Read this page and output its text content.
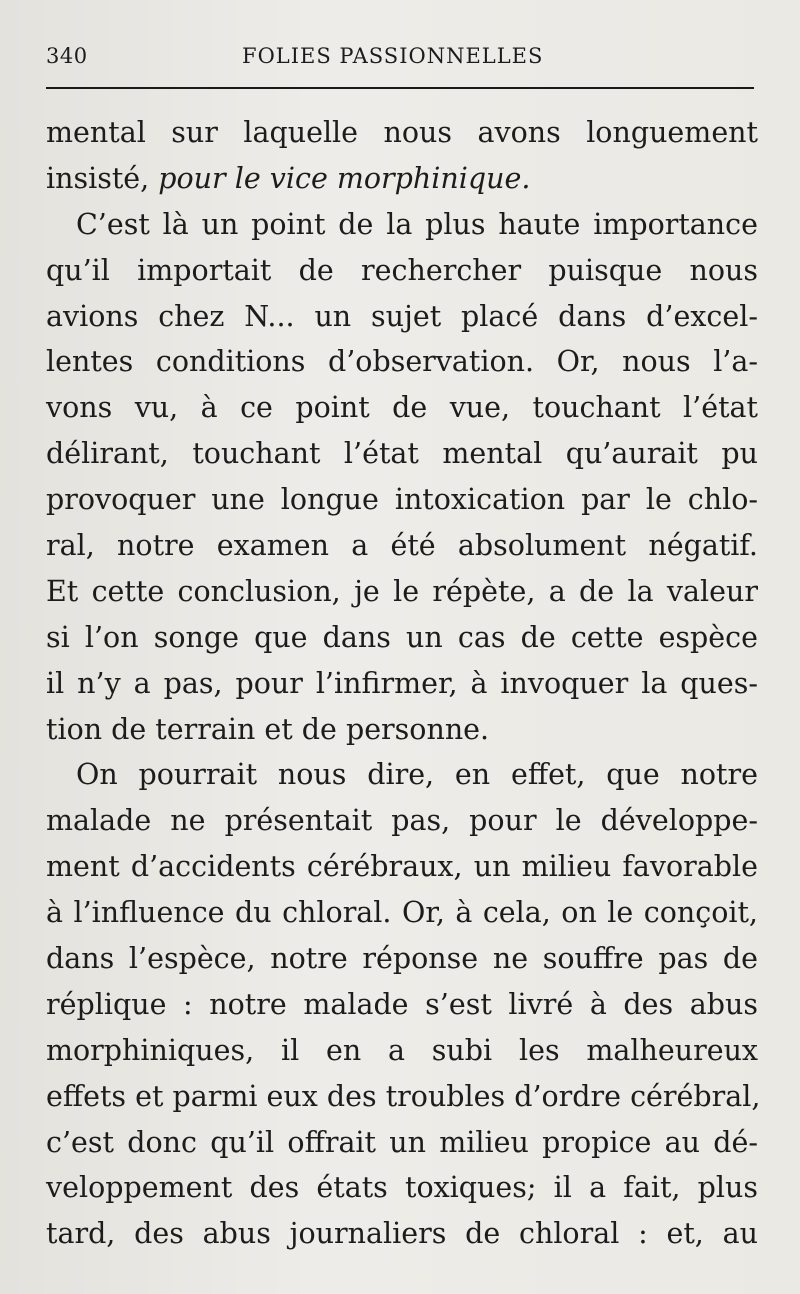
340	FOLIES PASSIONNELLES
mental sur laquelle nous avons longuement
insisté, pour le vice morphinique.
C’est là un point de la plus haute importance
qu’il importait de rechercher puisque nous
avions chez N... un sujet placé dans d’excel-
lentes conditions d’observation. Or, nous l’a-
vons vu, à ce point de vue, touchant l’état
délirant, touchant l’état mental qu’aurait pu
provoquer une longue intoxication par le chlo-
ral, notre examen a été absolument négatif.
Et cette conclusion, je le répète, a de la valeur
si l’on songe que dans un cas de cette espèce
il n’y a pas, pour l’infirmer, à invoquer la ques-
tion de terrain et de personne.
On pourrait nous dire, en effet, que notre
malade ne présentait pas, pour le développe-
ment d’accidents cérébraux, un milieu favorable
à l’influence du chloral. Or, à cela, on le conçoit,
dans l’espèce, notre réponse ne souffre pas de
réplique : notre malade s’est livré à des abus
morphiniques, il en a subi les malheureux
effets et parmi eux des troubles d’ordre cérébral,
c’est donc qu’il offrait un milieu propice au dé-
veloppement des états toxiques; il a fait, plus
tard, des abus journaliers de chloral : et, au
